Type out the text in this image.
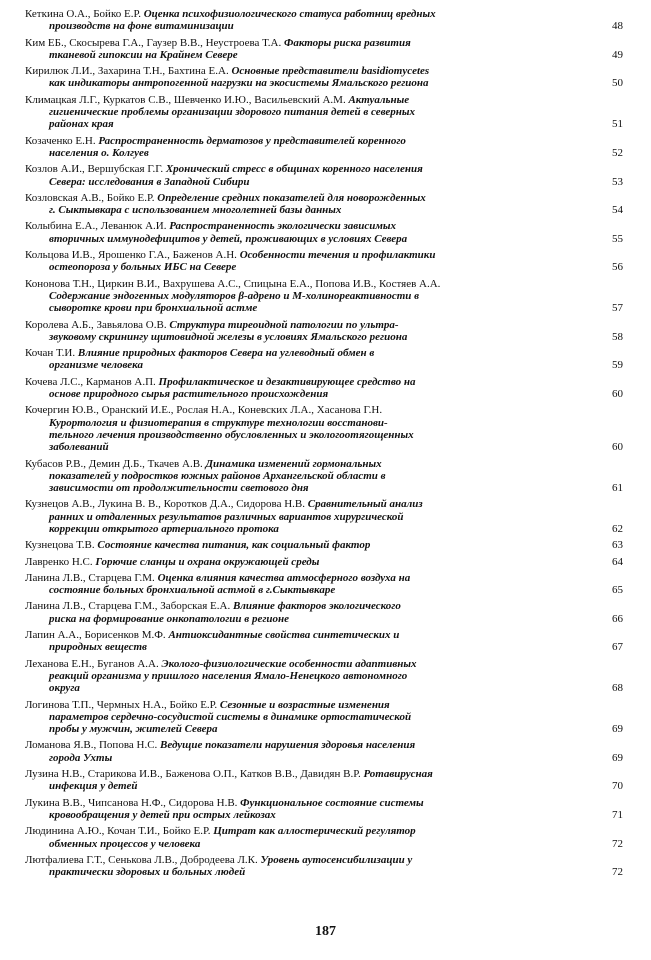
Кеткина О.А., Бойко Е.Р. Оценка психофизиологического статуса работниц вредных
производств на фоне витаминизации	48
Ким ЕБ., Скосырева Г.А., Гаузер В.В., Неустроева Т.А. Факторы риска развития
тканевой гипоксии на Крайнем Севере	49
Кирилюк Л.И., Захарина Т.Н., Бахтина Е.А. Основные представители basidiomycetes
как индикаторы антропогенной нагрузки на экосистемы Ямальского региона	50
Климацкая Л.Г., Куркатов С.В., Шевченко И.Ю., Васильевский А.М. Актуальные
гигиенические проблемы организации здорового питания детей в северных
районах края	51
Козаченко Е.Н. Распространенность дерматозов у представителей коренного
населения о. Колгуев	52
Козлов А.И., Вершубская Г.Г. Хронический стресс в общинах коренного населения
Севера: исследования в Западной Сибири	53
Козловская А.В., Бойко Е.Р. Определение средних показателей для новорожденных
г. Сыктывкара с использованием многолетней базы данных	54
Колыбина Е.А., Леванюк А.И. Распространенность экологически зависимых
вторичных иммунодефицитов у детей, проживающих в условиях Севера	55
Кольцова И.В., Ярошенко Г.А., Баженов А.Н. Особенности течения и профилактики
остеопороза у больных ИБС на Севере	56
Кононова Т.Н., Циркин В.И., Вахрушева А.С., Спицына Е.А., Попова И.В., Костяев А.А.
Содержание эндогенных модуляторов β-адрено и М-холинореактивности в
сыворотке крови при бронхиальной астме	57
Королева А.Б., Завьялова О.В. Структура тиреоидной патологии по ультра-
звуковому скринингу щитовидной железы в условиях Ямальского региона	58
Кочан Т.И. Влияние природных факторов Севера на углеводный обмен в
организме человека	59
Кочева Л.С., Карманов А.П. Профилактическое и дезактивирующее средство на
основе природного сырья растительного происхождения	60
Кочергин Ю.В., Оранский И.Е., Рослая Н.А., Коневских Л.А., Хасанова Г.Н.
Курортология и физиотерапия в структуре технологии восстанови-
тельного лечения производственно обусловленных и экологоотягощенных
заболеваний	60
Кубасов Р.В., Демин Д.Б., Ткачев А.В. Динамика изменений гормональных
показателей у подростков южных районов Архангельской области в
зависимости от продолжительности светового дня	61
Кузнецов А.В., Лукина В. В., Коротков Д.А., Сидорова Н.В. Сравнительный анализ
ранних и отдаленных результатов различных вариантов хирургической
коррекции открытого артериального протока	62
Кузнецова Т.В. Состояние качества питания, как социальный фактор	63
Лавренко Н.С. Горючие сланцы и охрана окружающей среды	64
Ланина Л.В., Старцева Г.М. Оценка влияния качества атмосферного воздуха на
состояние больных бронхиальной астмой в г.Сыктывкаре	65
Ланина Л.В., Старцева Г.М., Заборская Е.А. Влияние факторов экологического
риска на формирование онкопатологии в регионе	66
Лапин А.А., Борисенков М.Ф. Антиоксидантные свойства синтетических и
природных веществ	67
Леханова Е.Н., Буганов А.А. Эколого-физиологические особенности адаптивных
реакций организма у пришлого населения Ямало-Ненецкого автономного
округа	68
Логинова Т.П., Чермных Н.А., Бойко Е.Р. Сезонные и возрастные изменения
параметров сердечно-сосудистой системы в динамике ортостатической
пробы у мужчин, жителей Севера	69
Ломанова Я.В., Попова Н.С. Ведущие показатели нарушения здоровья населения
города Ухты	69
Лузина Н.В., Старикова И.В., Баженова О.П., Катков В.В., Давидян В.Р. Ротавирусная
инфекция у детей	70
Лукина В.В., Чипсанова Н.Ф., Сидорова Н.В. Функциональное состояние системы
кровообращения у детей при острых лейкозах	71
Людинина А.Ю., Кочан Т.И., Бойко Е.Р. Цитрат как аллостерический регулятор
обменных процессов у человека	72
Лютфалиева Г.Т., Сенькова Л.В., Добродеева Л.К. Уровень аутосенсибилизации у
практически здоровых и больных людей	72
187
